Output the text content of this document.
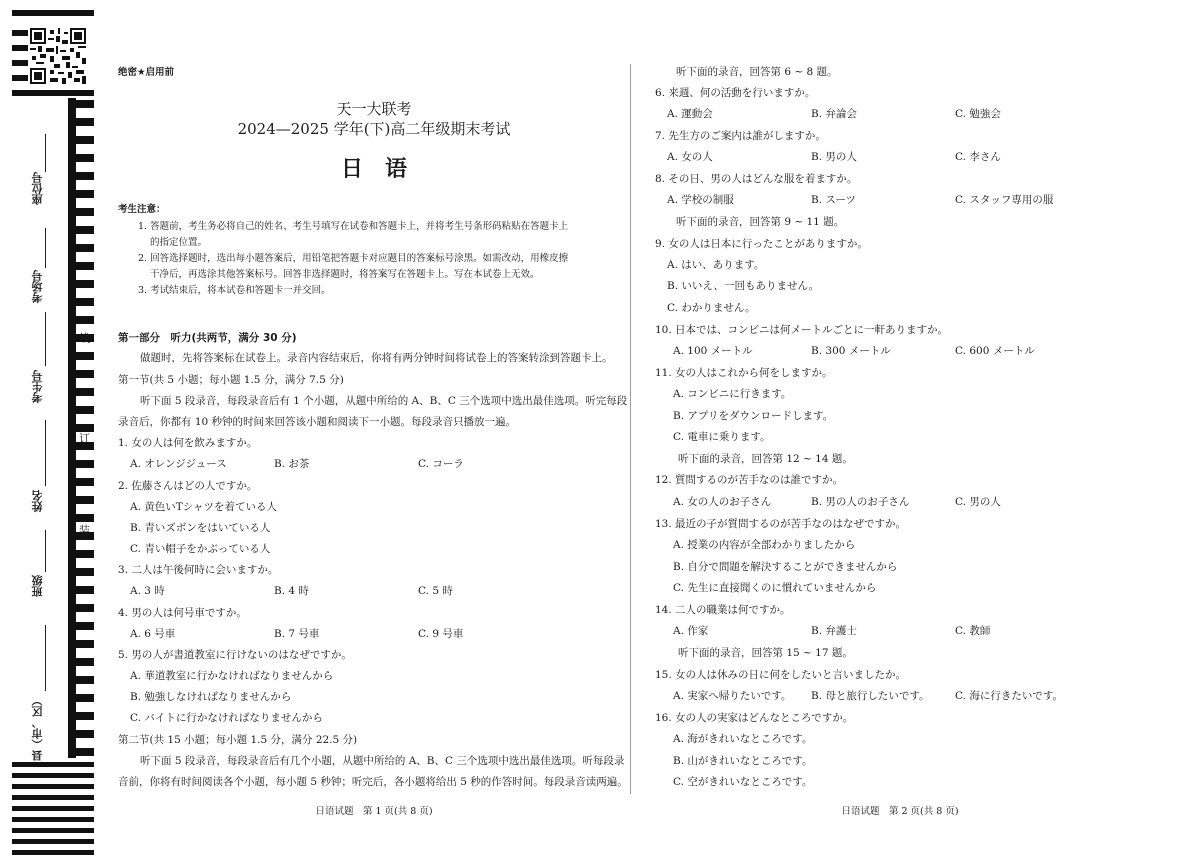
座位号
考场号
考生号
姓名
班级
县（市、区）
线
订
装
绝密★启用前
天一大联考
2024—2025 学年(下)高二年级期末考试
日　语
考生注意：
1. 答题前，考生务必将自己的姓名、考生号填写在试卷和答题卡上，并将考生号条形码粘贴在答题卡上
的指定位置。
2. 回答选择题时，选出每小题答案后，用铅笔把答题卡对应题目的答案标号涂黑。如需改动，用橡皮擦
干净后，再选涂其他答案标号。回答非选择题时，将答案写在答题卡上。写在本试卷上无效。
3. 考试结束后，将本试卷和答题卡一并交回。
第一部分　听力(共两节，满分 30 分)
做题时，先将答案标在试卷上。录音内容结束后，你将有两分钟时间将试卷上的答案转涂到答题卡上。
第一节(共 5 小题；每小题 1.5 分，满分 7.5 分)
听下面 5 段录音，每段录音后有 1 个小题，从题中所给的 A、B、C 三个选项中选出最佳选项。听完每段
录音后，你都有 10 秒钟的时间来回答该小题和阅读下一小题。每段录音只播放一遍。
1. 女の人は何を飲みますか。
A. オレンジジュース	B. お茶	C. コーラ
2. 佐藤さんはどの人ですか。
A. 黄色いTシャツを着ている人
B. 青いズボンをはいている人
C. 青い帽子をかぶっている人
3. 二人は午後何時に会いますか。
A. 3 時	B. 4 時	C. 5 時
4. 男の人は何号車ですか。
A. 6 号車	B. 7 号車	C. 9 号車
5. 男の人が書道教室に行けないのはなぜですか。
A. 華道教室に行かなければなりませんから
B. 勉強しなければなりませんから
C. バイトに行かなければなりませんから
第二节(共 15 小题；每小题 1.5 分，满分 22.5 分)
听下面 5 段录音，每段录音后有几个小题，从题中所给的 A、B、C 三个选项中选出最佳选项。听每段录
音前，你将有时间阅读各个小题，每小题 5 秒钟；听完后，各小题将给出 5 秒的作答时间。每段录音读两遍。
日语试题　第 1 页(共 8 页)
听下面的录音，回答第 6 ~ 8 题。
6. 来週、何の活動を行いますか。
A. 運動会	B. 弁論会	C. 勉強会
7. 先生方のご案内は誰がしますか。
A. 女の人	B. 男の人	C. 李さん
8. その日、男の人はどんな服を着ますか。
A. 学校の制服	B. スーツ	C. スタッフ専用の服
听下面的录音，回答第 9 ~ 11 题。
9. 女の人は日本に行ったことがありますか。
A. はい、あります。
B. いいえ、一回もありません。
C. わかりません。
10. 日本では、コンビニは何メートルごとに一軒ありますか。
A. 100 メートル	B. 300 メートル	C. 600 メートル
11. 女の人はこれから何をしますか。
A. コンビニに行きます。
B. アプリをダウンロードします。
C. 電車に乗ります。
听下面的录音，回答第 12 ~ 14 题。
12. 質問するのが苦手なのは誰ですか。
A. 女の人のお子さん	B. 男の人のお子さん	C. 男の人
13. 最近の子が質問するのが苦手なのはなぜですか。
A. 授業の内容が全部わかりましたから
B. 自分で問題を解決することができませんから
C. 先生に直接聞くのに慣れていませんから
14. 二人の職業は何ですか。
A. 作家	B. 弁護士	C. 教師
听下面的录音，回答第 15 ~ 17 题。
15. 女の人は休みの日に何をしたいと言いましたか。
A. 実家へ帰りたいです。 B. 母と旅行したいです。 C. 海に行きたいです。
16. 女の人の実家はどんなところですか。
A. 海がきれいなところです。
B. 山がきれいなところです。
C. 空がきれいなところです。
日语试题　第 2 页(共 8 页)
